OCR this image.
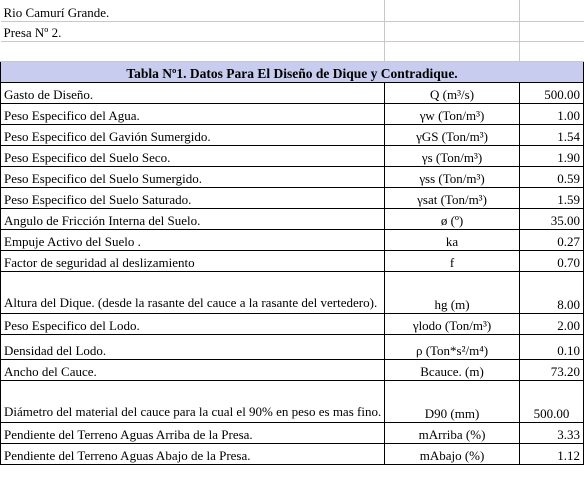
Rio Camurí Grande.		
Presa Nº 2.		

Tabla Nº1. Datos Para El Diseño de Dique y Contradique.		
Gasto de Diseño.	Q (m³/s)	500.00
Peso Especifico del Agua.	γw (Ton/m³)	1.00
Peso Especifico del Gavión Sumergido.	γGS (Ton/m³)	1.54
Peso Especifico del Suelo Seco.	γs (Ton/m³)	1.90
Peso Especifico del Suelo Sumergido.	γss (Ton/m³)	0.59
Peso Especifico del Suelo Saturado.	γsat (Ton/m³)	1.59
Angulo de Fricción Interna del Suelo.	ø (º)	35.00
Empuje Activo del Suelo .	ka	0.27
Factor de seguridad al deslizamiento	f	0.70
Altura del Dique. (desde la rasante del cauce a la rasante del vertedero).	hg (m)	8.00
Peso Especifico del Lodo.	γlodo (Ton/m³)	2.00
Densidad del Lodo.	ρ (Ton*s²/m⁴)	0.10
Ancho del Cauce.	Bcauce. (m)	73.20
Diámetro del material del cauce para la cual el 90% en peso es mas fino.	D90 (mm)	500.00
Pendiente del Terreno Aguas Arriba de la Presa.	mArriba (%)	3.33
Pendiente del Terreno Aguas Abajo de la Presa.	mAbajo (%)	1.12
